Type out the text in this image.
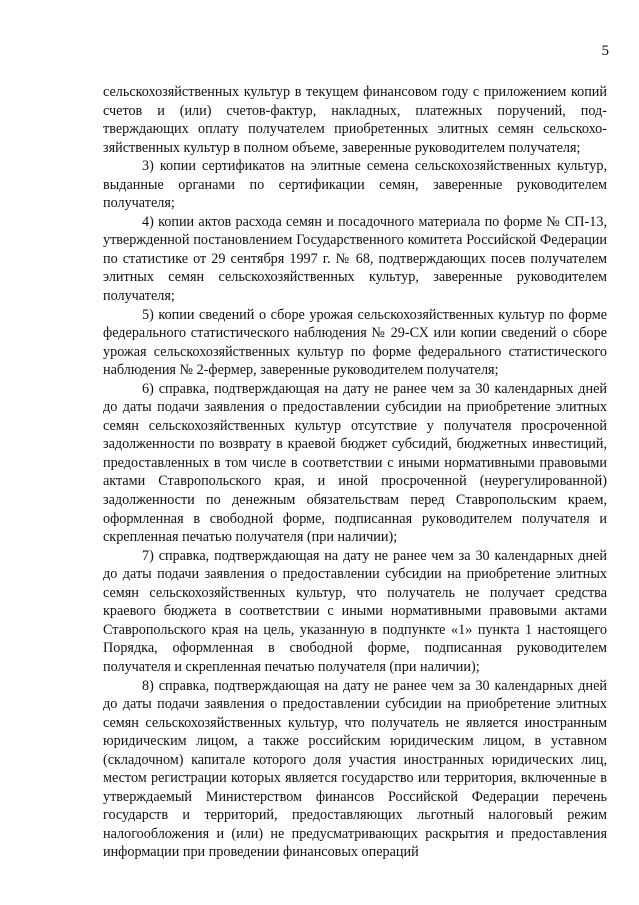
5

сельскохозяйственных культур в текущем финансовом году с приложением копий счетов и (или) счетов-фактур, накладных, платежных поручений, подтверждающих оплату получателем приобретенных элитных семян сельскохозяйственных культур в полном объеме, заверенные руководителем получателя;

3) копии сертификатов на элитные семена сельскохозяйственных культур, выданные органами по сертификации семян, заверенные руководителем получателя;

4) копии актов расхода семян и посадочного материала по форме № СП-13, утвержденной постановлением Государственного комитета Российской Федерации по статистике от 29 сентября 1997 г. № 68, подтверждающих посев получателем элитных семян сельскохозяйственных культур, заверенные руководителем получателя;

5) копии сведений о сборе урожая сельскохозяйственных культур по форме федерального статистического наблюдения № 29-СХ или копии сведений о сборе урожая сельскохозяйственных культур по форме федерального статистического наблюдения № 2-фермер, заверенные руководителем получателя;

6) справка, подтверждающая на дату не ранее чем за 30 календарных дней до даты подачи заявления о предоставлении субсидии на приобретение элитных семян сельскохозяйственных культур отсутствие у получателя просроченной задолженности по возврату в краевой бюджет субсидий, бюджетных инвестиций, предоставленных в том числе в соответствии с иными нормативными правовыми актами Ставропольского края, и иной просроченной (неурегулированной) задолженности по денежным обязательствам перед Ставропольским краем, оформленная в свободной форме, подписанная руководителем получателя и скрепленная печатью получателя (при наличии);

7) справка, подтверждающая на дату не ранее чем за 30 календарных дней до даты подачи заявления о предоставлении субсидии на приобретение элитных семян сельскохозяйственных культур, что получатель не получает средства краевого бюджета в соответствии с иными нормативными правовыми актами Ставропольского края на цель, указанную в подпункте «1» пункта 1 настоящего Порядка, оформленная в свободной форме, подписанная руководителем получателя и скрепленная печатью получателя (при наличии);

8) справка, подтверждающая на дату не ранее чем за 30 календарных дней до даты подачи заявления о предоставлении субсидии на приобретение элитных семян сельскохозяйственных культур, что получатель не является иностранным юридическим лицом, а также российским юридическим лицом, в уставном (складочном) капитале которого доля участия иностранных юридических лиц, местом регистрации которых является государство или территория, включенные в утверждаемый Министерством финансов Российской Федерации перечень государств и территорий, предоставляющих льготный налоговый режим налогообложения и (или) не предусматривающих раскрытия и предоставления информации при проведении финансовых операций
